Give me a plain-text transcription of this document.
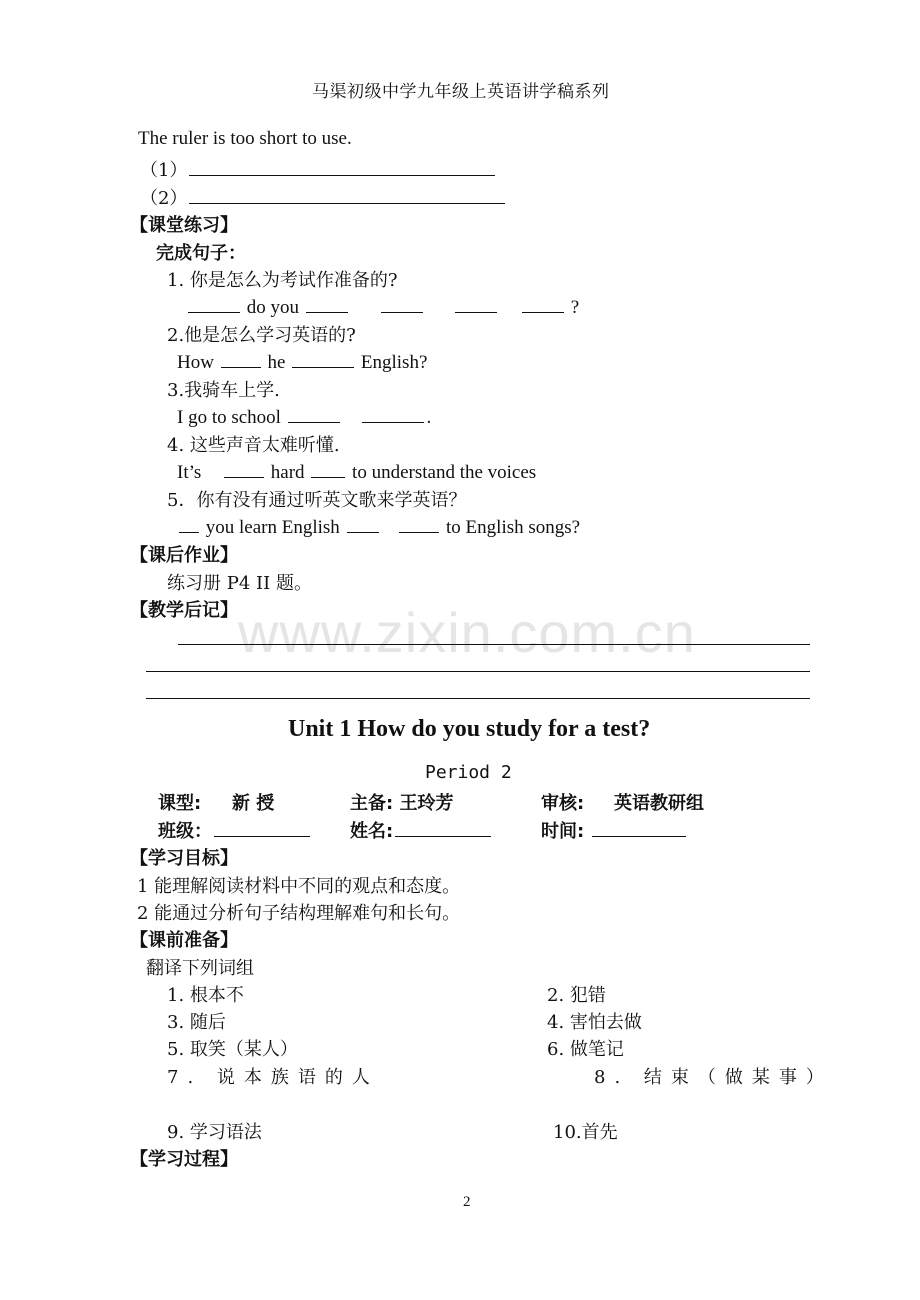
www.zixin.com.cn
马渠初级中学九年级上英语讲学稿系列
The ruler is too short to use.
（1）
（2）
【课堂练习】
完成句子：
1. 你是怎么为考试作准备的?
do you	?
2.他是怎么学习英语的?
How	he	English?
3.我骑车上学.
I go to school	.
4. 这些声音太难听懂.
It’s	hard	to understand the voices
5．你有没有通过听英文歌来学英语？
you learn English	to English songs?
【课后作业】
练习册 P4 II 题。
【教学后记】
Unit 1 How do you study for a test?
Period 2
课型: 新 授	主备: 王玲芳	审核: 英语教研组
班级：	姓名:	时间:
【学习目标】
1 能理解阅读材料中不同的观点和态度。
2 能通过分析句子结构理解难句和长句。
【课前准备】
翻译下列词组
1. 根本不	2. 犯错
3. 随后	4. 害怕去做
5. 取笑（某人）	6. 做笔记
7. 说本族语的人	8. 结束（做某事）
9. 学习语法	10.首先
【学习过程】
2
